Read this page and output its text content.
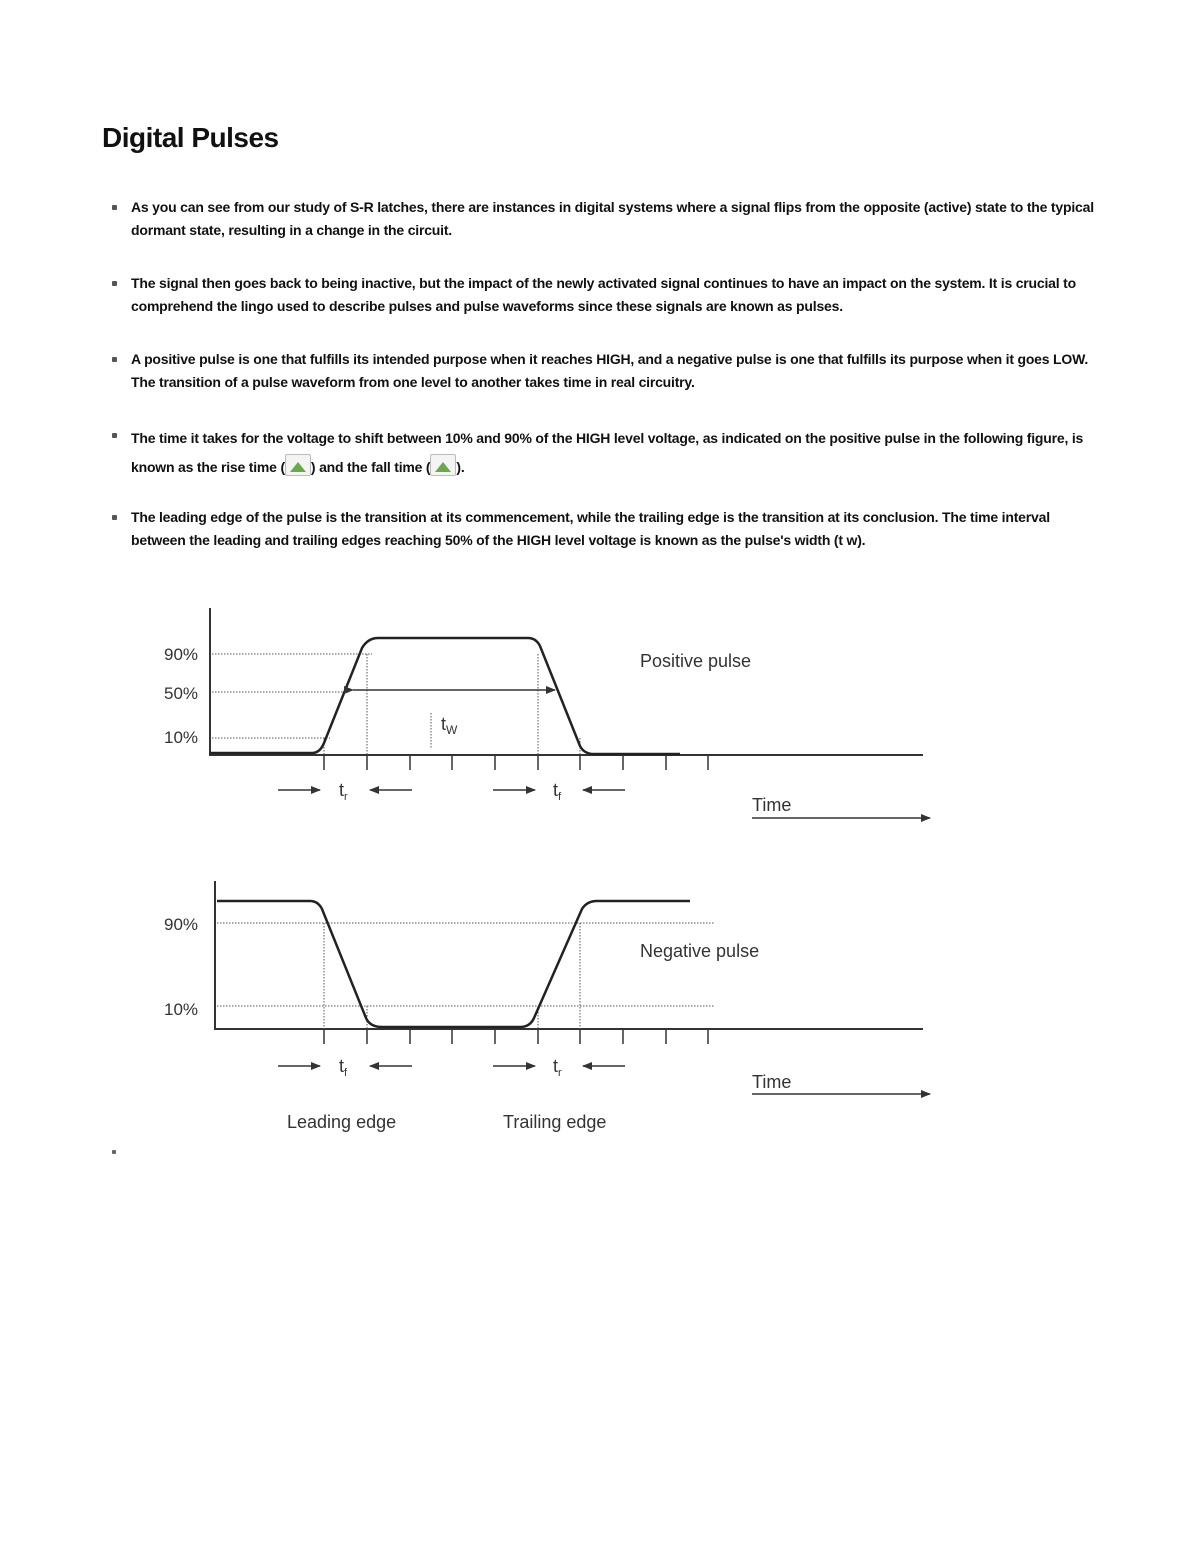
Digital Pulses
As you can see from our study of S-R latches, there are instances in digital systems where a signal flips from the opposite (active) state to the typical dormant state, resulting in a change in the circuit.
The signal then goes back to being inactive, but the impact of the newly activated signal continues to have an impact on the system. It is crucial to comprehend the lingo used to describe pulses and pulse waveforms since these signals are known as pulses.
A positive pulse is one that fulfills its intended purpose when it reaches HIGH, and a negative pulse is one that fulfills its purpose when it goes LOW. The transition of a pulse waveform from one level to another takes time in real circuitry.
The time it takes for the voltage to shift between 10% and 90% of the HIGH level voltage, as indicated on the positive pulse in the following figure, is known as the rise time ( ) and the fall time ( ).
The leading edge of the pulse is the transition at its commencement, while the trailing edge is the transition at its conclusion. The time interval between the leading and trailing edges reaching 50% of the HIGH level voltage is known as the pulse's width (t w).
90%
50%
10%
Positive pulse
$t_W$
$t_r$	$t_f$	Time
90%
10%
Negative pulse
$t_f$	$t_r$	Time
Leading edge	Trailing edge
